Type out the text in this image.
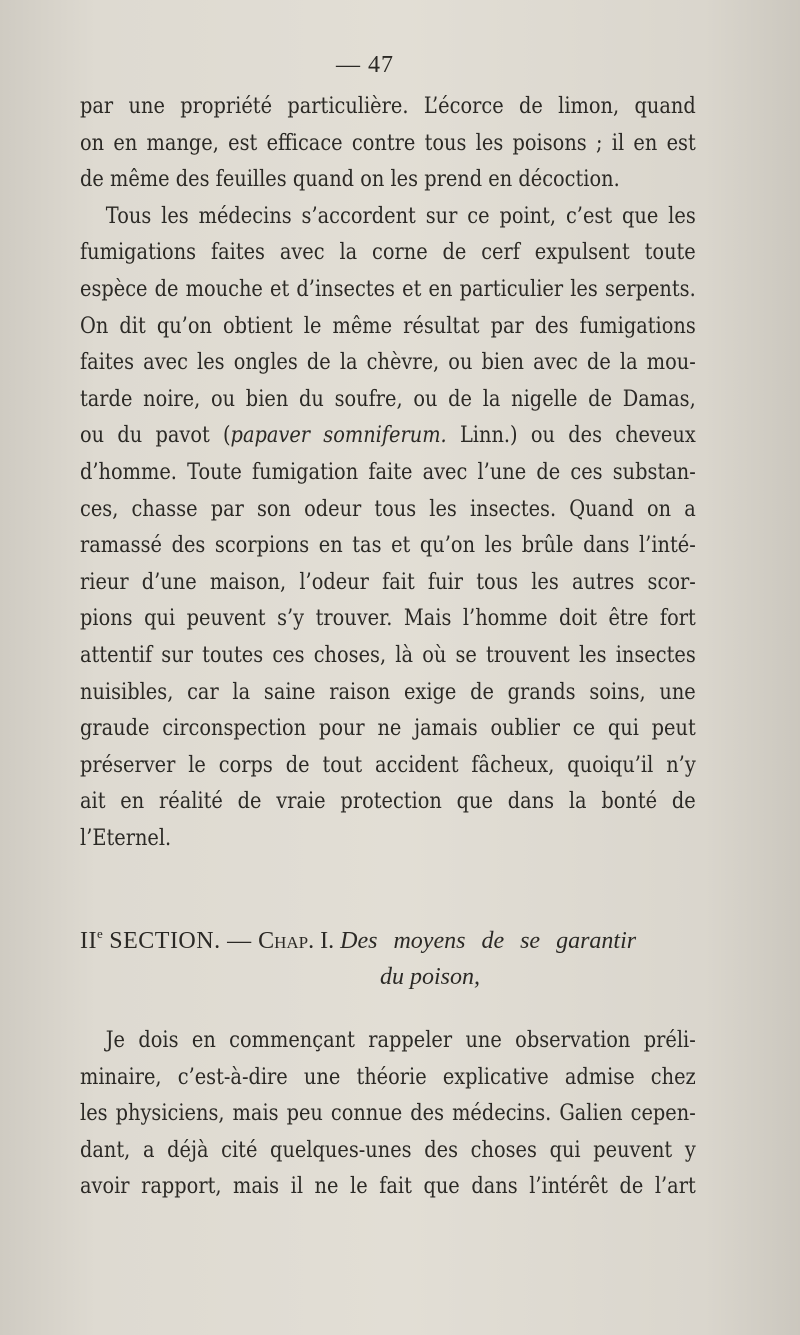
— 47
par une propriété particulière. L’écorce de limon, quand
on en mange, est efficace contre tous les poisons ; il en est
de même des feuilles quand on les prend en décoction.
Tous les médecins s’accordent sur ce point, c’est que les
fumigations faites avec la corne de cerf expulsent toute
espèce de mouche et d’insectes et en particulier les serpents.
On dit qu’on obtient le même résultat par des fumigations
faites avec les ongles de la chèvre, ou bien avec de la mou-
tarde noire, ou bien du soufre, ou de la nigelle de Damas,
ou du pavot (papaver somniferum. Linn.) ou des cheveux
d’homme. Toute fumigation faite avec l’une de ces substan-
ces, chasse par son odeur tous les insectes. Quand on a
ramassé des scorpions en tas et qu’on les brûle dans l’inté-
rieur d’une maison, l’odeur fait fuir tous les autres scor-
pions qui peuvent s’y trouver. Mais l’homme doit être fort
attentif sur toutes ces choses, là où se trouvent les insectes
nuisibles, car la saine raison exige de grands soins, une
graude circonspection pour ne jamais oublier ce qui peut
préserver le corps de tout accident fâcheux, quoiqu’il n’y
ait en réalité de vraie protection que dans la bonté de
l’Eternel.
IIe SECTION. — Chap. I. Des moyens de se garantir
du poison,
Je dois en commençant rappeler une observation préli-
minaire, c’est-à-dire une théorie explicative admise chez
les physiciens, mais peu connue des médecins. Galien cepen-
dant, a déjà cité quelques-unes des choses qui peuvent y
avoir rapport, mais il ne le fait que dans l’intérêt de l’art
